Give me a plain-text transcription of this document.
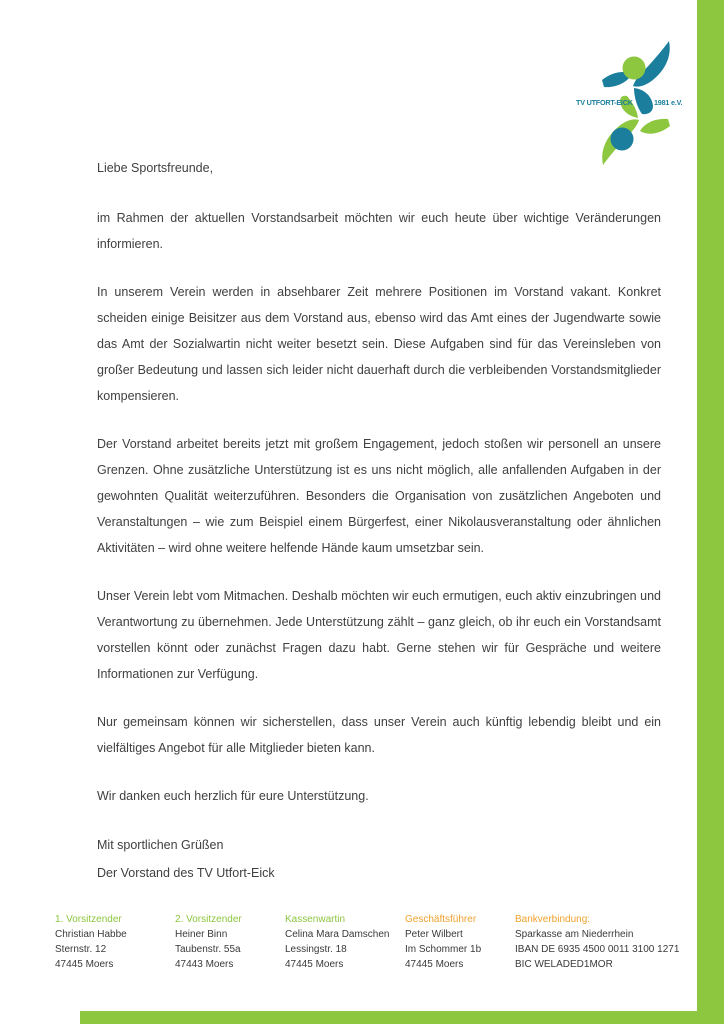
TV UTFORT-EICK	1981 e.V.

Liebe Sportsfreunde,

im Rahmen der aktuellen Vorstandsarbeit möchten wir euch heute über wichtige Veränderungen informieren.

In unserem Verein werden in absehbarer Zeit mehrere Positionen im Vorstand vakant. Konkret scheiden einige Beisitzer aus dem Vorstand aus, ebenso wird das Amt eines der Jugendwarte sowie das Amt der Sozialwartin nicht weiter besetzt sein. Diese Aufgaben sind für das Vereinsleben von großer Bedeutung und lassen sich leider nicht dauerhaft durch die verbleibenden Vorstandsmitglieder kompensieren.

Der Vorstand arbeitet bereits jetzt mit großem Engagement, jedoch stoßen wir personell an unsere Grenzen. Ohne zusätzliche Unterstützung ist es uns nicht möglich, alle anfallenden Aufgaben in der gewohnten Qualität weiterzuführen. Besonders die Organisation von zusätzlichen Angeboten und Veranstaltungen – wie zum Beispiel einem Bürgerfest, einer Nikolausveranstaltung oder ähnlichen Aktivitäten – wird ohne weitere helfende Hände kaum umsetzbar sein.

Unser Verein lebt vom Mitmachen. Deshalb möchten wir euch ermutigen, euch aktiv einzubringen und Verantwortung zu übernehmen. Jede Unterstützung zählt – ganz gleich, ob ihr euch ein Vorstandsamt vorstellen könnt oder zunächst Fragen dazu habt. Gerne stehen wir für Gespräche und weitere Informationen zur Verfügung.

Nur gemeinsam können wir sicherstellen, dass unser Verein auch künftig lebendig bleibt und ein vielfältiges Angebot für alle Mitglieder bieten kann.

Wir danken euch herzlich für eure Unterstützung.

Mit sportlichen Grüßen

Der Vorstand des TV Utfort-Eick

1. Vorsitzender
Christian Habbe
Sternstr. 12
47445 Moers
2. Vorsitzender
Heiner Binn
Taubenstr. 55a
47443 Moers
Kassenwartin
Celina Mara Damschen
Lessingstr. 18
47445 Moers
Geschäftsführer
Peter Wilbert
Im Schommer 1b
47445 Moers
Bankverbindung:
Sparkasse am Niederrhein
IBAN DE 6935 4500 0011 3100 1271
BIC WELADED1MOR
